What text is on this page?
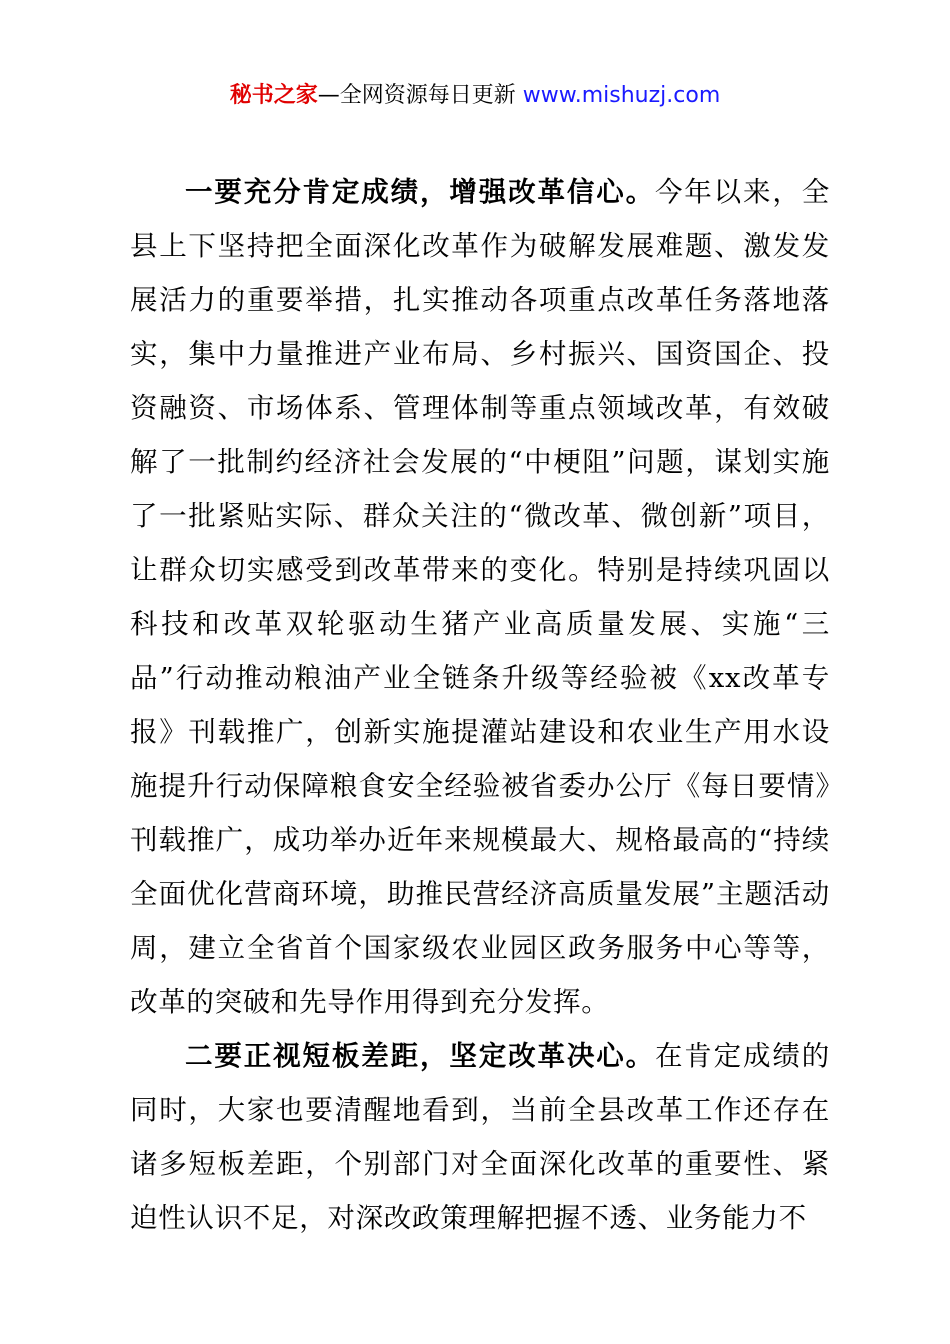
秘书之家—全网资源每日更新 www.mishuzj.com

一要充分肯定成绩，增强改革信心。今年以来，全县上下坚持把全面深化改革作为破解发展难题、激发发展活力的重要举措，扎实推动各项重点改革任务落地落实，集中力量推进产业布局、乡村振兴、国资国企、投资融资、市场体系、管理体制等重点领域改革，有效破解了一批制约经济社会发展的“中梗阻”问题，谋划实施了一批紧贴实际、群众关注的“微改革、微创新”项目，让群众切实感受到改革带来的变化。特别是持续巩固以科技和改革双轮驱动生猪产业高质量发展、实施“三品”行动推动粮油产业全链条升级等经验被《xx改革专报》刊载推广，创新实施提灌站建设和农业生产用水设施提升行动保障粮食安全经验被省委办公厅《每日要情》刊载推广，成功举办近年来规模最大、规格最高的“持续全面优化营商环境，助推民营经济高质量发展”主题活动周，建立全省首个国家级农业园区政务服务中心等等，改革的突破和先导作用得到充分发挥。

二要正视短板差距，坚定改革决心。在肯定成绩的同时，大家也要清醒地看到，当前全县改革工作还存在诸多短板差距，个别部门对全面深化改革的重要性、紧迫性认识不足，对深改政策理解把握不透、业务能力不
